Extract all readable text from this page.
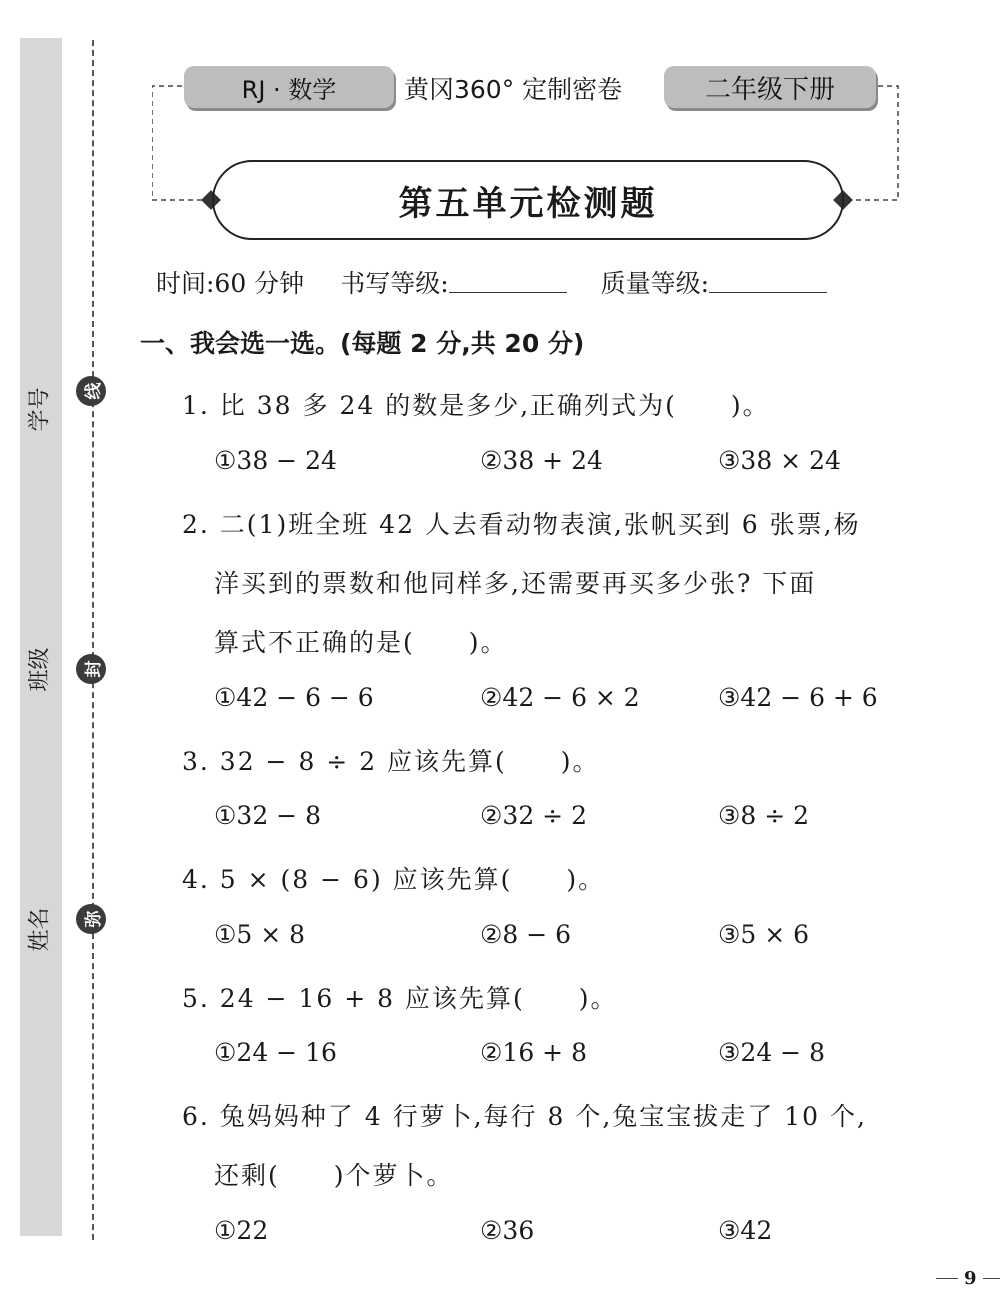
学号
班级
姓名
线
封
弥
RJ · 数学	黄冈360° 定制密卷	二年级下册
第五单元检测题
时间:60 分钟 书写等级:	质量等级:
一、我会选一选。(每题 2 分,共 20 分)
1. 比 38 多 24 的数是多少,正确列式为(　　)。
①38 − 24	②38 + 24	③38 × 24
2. 二(1)班全班 42 人去看动物表演,张帆买到 6 张票,杨
洋买到的票数和他同样多,还需要再买多少张? 下面
算式不正确的是(　　)。
①42 − 6 − 6	②42 − 6 × 2	③42 − 6 + 6
3. 32 − 8 ÷ 2 应该先算(　　)。
①32 − 8	②32 ÷ 2	③8 ÷ 2
4. 5 × (8 − 6) 应该先算(　　)。
①5 × 8	②8 − 6	③5 × 6
5. 24 − 16 + 8 应该先算(　　)。
①24 − 16	②16 + 8	③24 − 8
6. 兔妈妈种了 4 行萝卜,每行 8 个,兔宝宝拔走了 10 个,
还剩(　　)个萝卜。
①22	②36	③42
9
